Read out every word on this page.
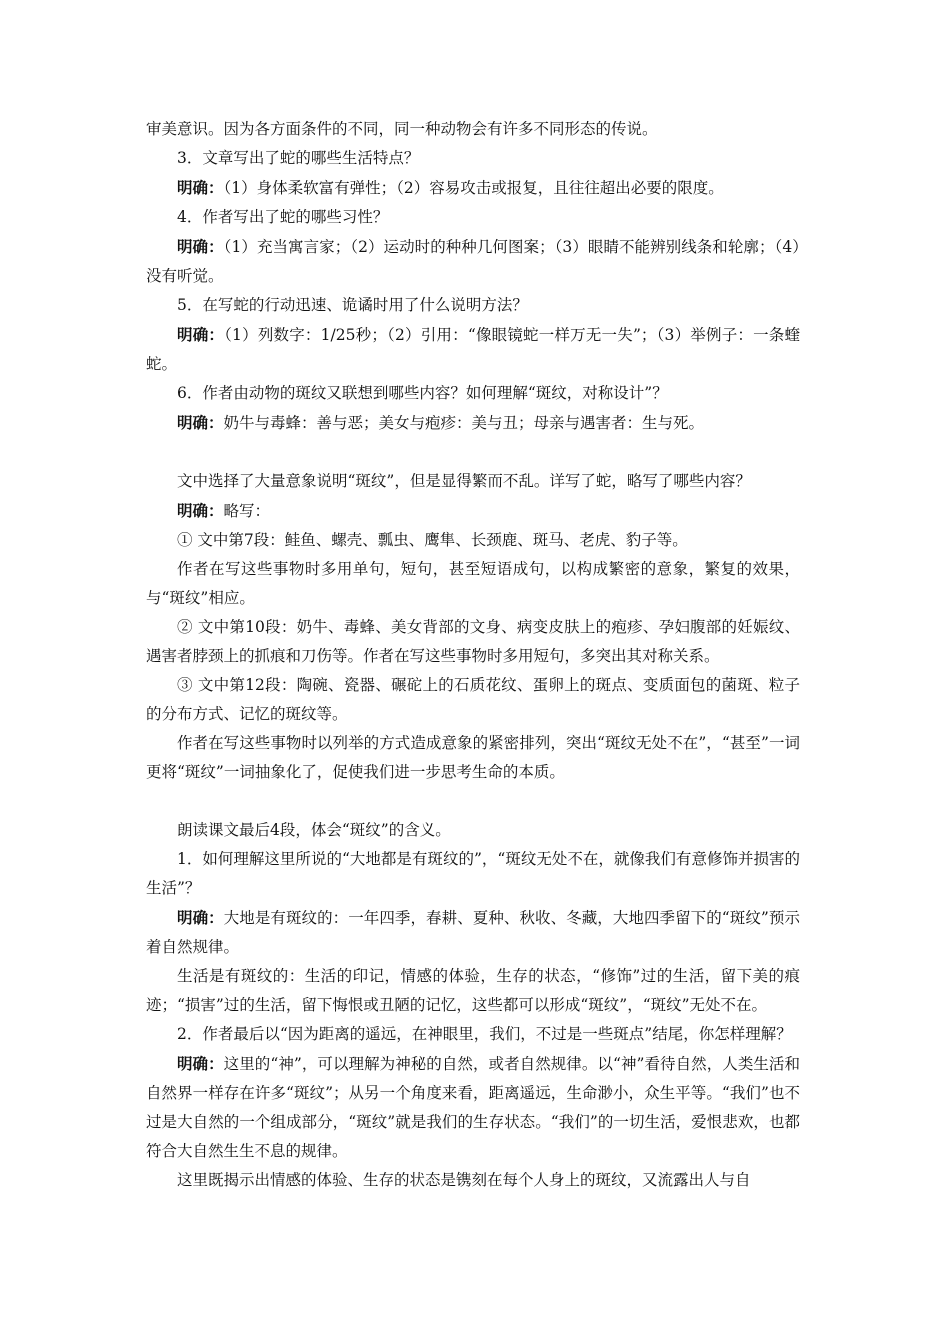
审美意识。因为各方面条件的不同，同一种动物会有许多不同形态的传说。

3．文章写出了蛇的哪些生活特点？

明确：（1）身体柔软富有弹性；（2）容易攻击或报复，且往往超出必要的限度。

4．作者写出了蛇的哪些习性？

明确：（1）充当寓言家；（2）运动时的种种几何图案；（3）眼睛不能辨别线条和轮廓；（4）没有听觉。

5．在写蛇的行动迅速、诡谲时用了什么说明方法？

明确：（1）列数字：1/25秒；（2）引用：“像眼镜蛇一样万无一失”；（3）举例子：一条蝰蛇。

6．作者由动物的斑纹又联想到哪些内容？如何理解“斑纹，对称设计”？

明确：奶牛与毒蜂：善与恶；美女与疱疹：美与丑；母亲与遇害者：生与死。

文中选择了大量意象说明“斑纹”，但是显得繁而不乱。详写了蛇，略写了哪些内容？

明确：略写：

① 文中第7段：鲑鱼、螺壳、瓢虫、鹰隼、长颈鹿、斑马、老虎、豹子等。

作者在写这些事物时多用单句，短句，甚至短语成句，以构成繁密的意象，繁复的效果，与“斑纹”相应。

② 文中第10段：奶牛、毒蜂、美女背部的文身、病变皮肤上的疱疹、孕妇腹部的妊娠纹、遇害者脖颈上的抓痕和刀伤等。作者在写这些事物时多用短句，多突出其对称关系。

③ 文中第12段：陶碗、瓷器、碾砣上的石质花纹、蛋卵上的斑点、变质面包的菌斑、粒子的分布方式、记忆的斑纹等。

作者在写这些事物时以列举的方式造成意象的紧密排列，突出“斑纹无处不在”，“甚至”一词更将“斑纹”一词抽象化了，促使我们进一步思考生命的本质。

朗读课文最后4段，体会“斑纹”的含义。

1．如何理解这里所说的“大地都是有斑纹的”，“斑纹无处不在，就像我们有意修饰并损害的生活”？

明确：大地是有斑纹的：一年四季，春耕、夏种、秋收、冬藏，大地四季留下的“斑纹”预示着自然规律。

生活是有斑纹的：生活的印记，情感的体验，生存的状态，“修饰”过的生活，留下美的痕迹；“损害”过的生活，留下悔恨或丑陋的记忆，这些都可以形成“斑纹”，“斑纹”无处不在。

2．作者最后以“因为距离的遥远，在神眼里，我们，不过是一些斑点”结尾，你怎样理解？

明确：这里的“神”，可以理解为神秘的自然，或者自然规律。以“神”看待自然，人类生活和自然界一样存在许多“斑纹”；从另一个角度来看，距离遥远，生命渺小，众生平等。“我们”也不过是大自然的一个组成部分，“斑纹”就是我们的生存状态。“我们”的一切生活，爱恨悲欢，也都符合大自然生生不息的规律。

这里既揭示出情感的体验、生存的状态是镌刻在每个人身上的斑纹，又流露出人与自
